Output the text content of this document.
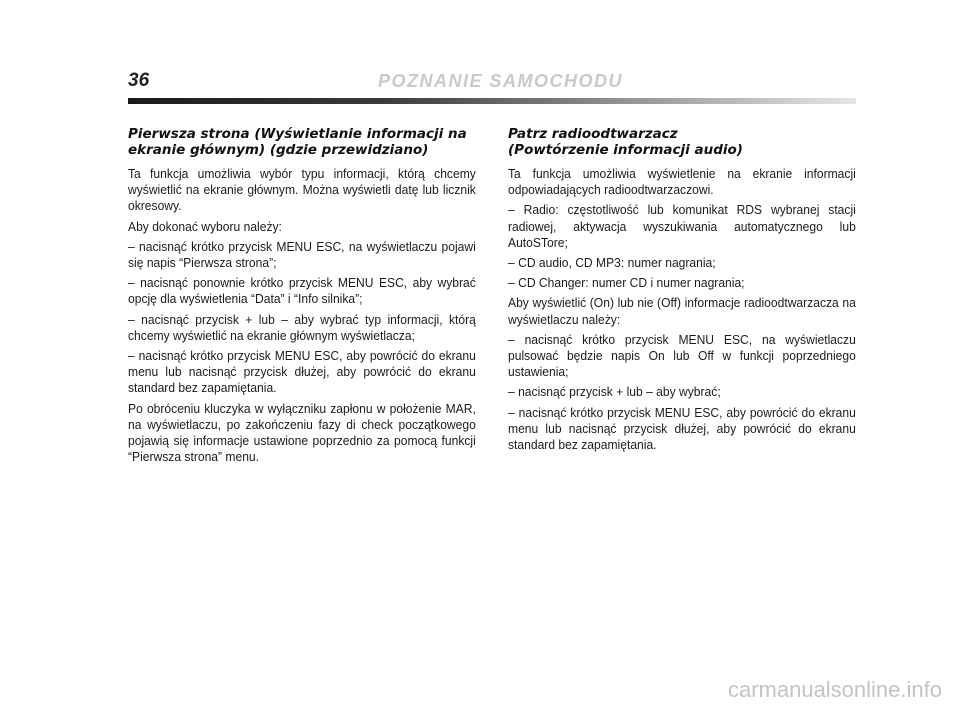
36	POZNANIE SAMOCHODU
Pierwsza strona (Wyświetlanie informacji na
ekranie głównym) (gdzie przewidziano)

Ta funkcja umożliwia wybór typu informacji, którą chcemy wyświetlić na ekranie głównym. Można wyświetli datę lub licznik okresowy.

Aby dokonać wyboru należy:

– nacisnąć krótko przycisk MENU ESC, na wyświetlaczu pojawi się napis “Pierwsza strona”;

– nacisnąć ponownie krótko przycisk MENU ESC, aby wybrać opcję dla wyświetlenia “Data” i “Info silnika”;

– nacisnąć przycisk + lub – aby wybrać typ informacji, którą chcemy wyświetlić na ekranie głównym wyświetlacza;

– nacisnąć krótko przycisk MENU ESC, aby powrócić do ekranu menu lub nacisnąć przycisk dłużej, aby powrócić do ekranu standard bez zapamiętania.

Po obróceniu kluczyka w wyłączniku zapłonu w położenie MAR, na wyświetlaczu, po zakończeniu fazy di check początkowego pojawią się informacje ustawione poprzednio za pomocą funkcji “Pierwsza strona” menu.

Patrz radioodtwarzacz
(Powtórzenie informacji audio)

Ta funkcja umożliwia wyświetlenie na ekranie informacji odpowiadających radioodtwarzaczowi.

– Radio: częstotliwość lub komunikat RDS wybranej stacji radiowej, aktywacja wyszukiwania automatycznego lub AutoSTore;

– CD audio, CD MP3: numer nagrania;

– CD Changer: numer CD i numer nagrania;

Aby wyświetlić (On) lub nie (Off) informacje radioodtwarzacza na wyświetlaczu należy:

– nacisnąć krótko przycisk MENU ESC, na wyświetlaczu pulsować będzie napis On lub Off w funkcji poprzedniego ustawienia;

– nacisnąć przycisk + lub – aby wybrać;

– nacisnąć krótko przycisk MENU ESC, aby powrócić do ekranu menu lub nacisnąć przycisk dłużej, aby powrócić do ekranu standard bez zapamiętania.

carmanualsonline.info
